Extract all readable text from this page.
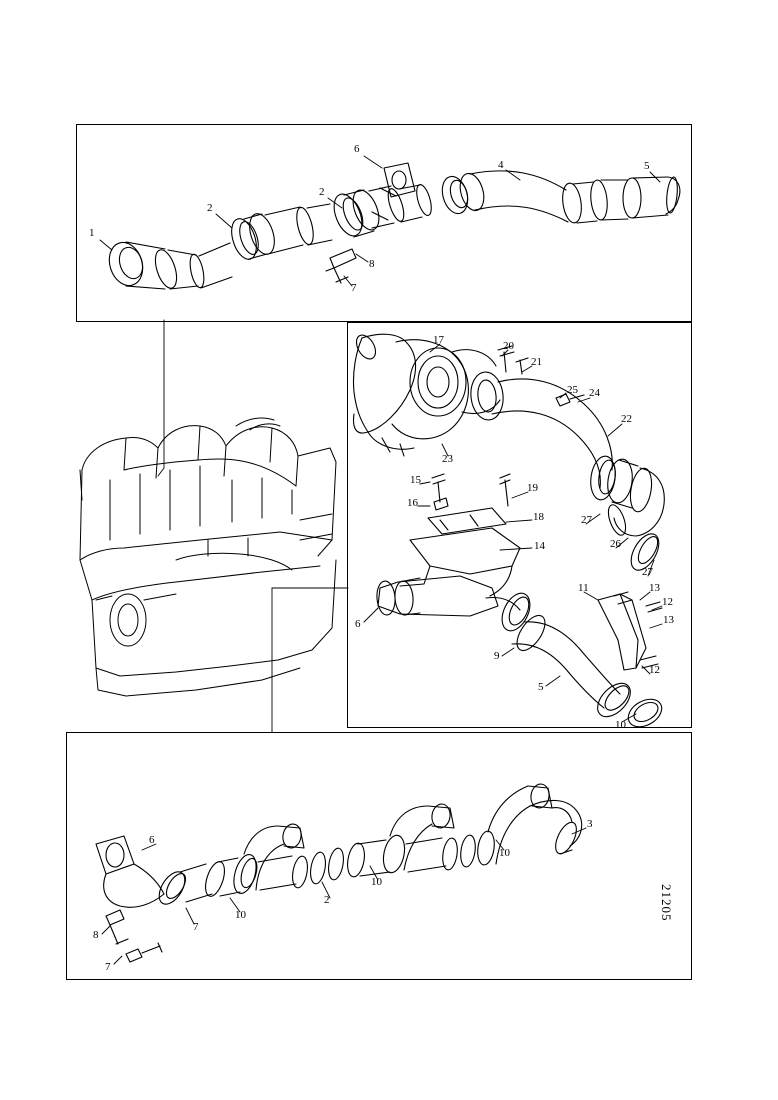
1
2
2
6
4	5
8
7
17	20
21
25 24
22
23
15
16
19
18
14
27
26
27
11	13
12
13
12
6
9
5
10
6
8
7
7
10
2
10
10
3
21205
